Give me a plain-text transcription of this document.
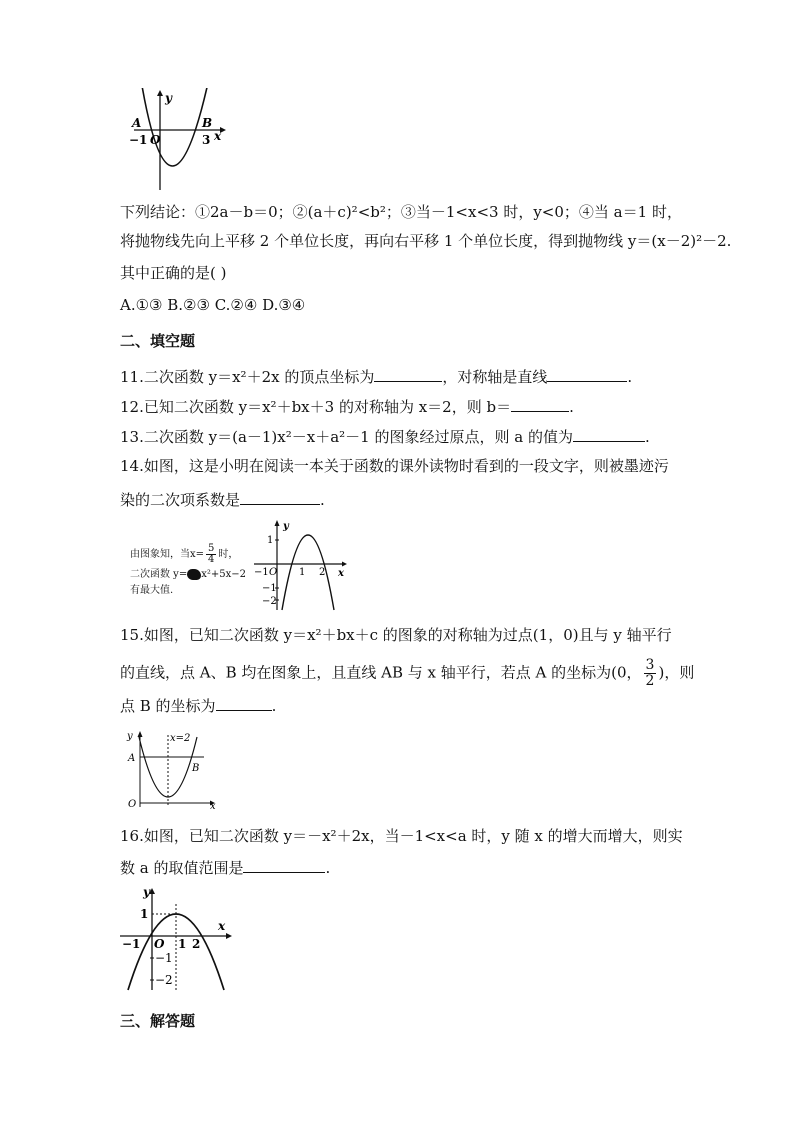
y
x
A	B
−1 O	3
下列结论：①2a－b＝0；②(a＋c)²<b²；③当－1<x<3 时，y<0；④当 a＝1 时，
将抛物线先向上平移 2 个单位长度，再向右平移 1 个单位长度，得到抛物线 y＝(x－2)²－2.
其中正确的是( )
A.①③ B.②③ C.②④ D.③④
二、填空题
11.二次函数 y＝x²＋2x 的顶点坐标为	，对称轴是直线	.
12.已知二次函数 y＝x²＋bx＋3 的对称轴为 x＝2，则 b＝	.
13.二次函数 y＝(a－1)x²－x＋a²－1 的图象经过原点，则 a 的值为	.
14.如图，这是小明在阅读一本关于函数的课外读物时看到的一段文字，则被墨迹污
染的二次项系数是	.
由图象知，当$x= \frac{5}{4}$ 时，
二次函数 y= x²+5x−2
有最大值.
y
x
−1 O 1 2
1
−1
−2
15.如图，已知二次函数 y＝x²＋bx＋c 的图象的对称轴为过点(1，0)且与 y 轴平行
的直线，点 A、B 均在图象上，且直线 AB 与 x 轴平行，若点 A 的坐标为(0， $\frac{3}{2}$ )，则
点 B 的坐标为	.
y
x
O
A
B
x=2
16.如图，已知二次函数 y＝－x²＋2x，当－1<x<a 时，y 随 x 的增大而增大，则实
数 a 的取值范围是	.
y
x
−1 O 1 2
1
−1
−2
三、解答题
